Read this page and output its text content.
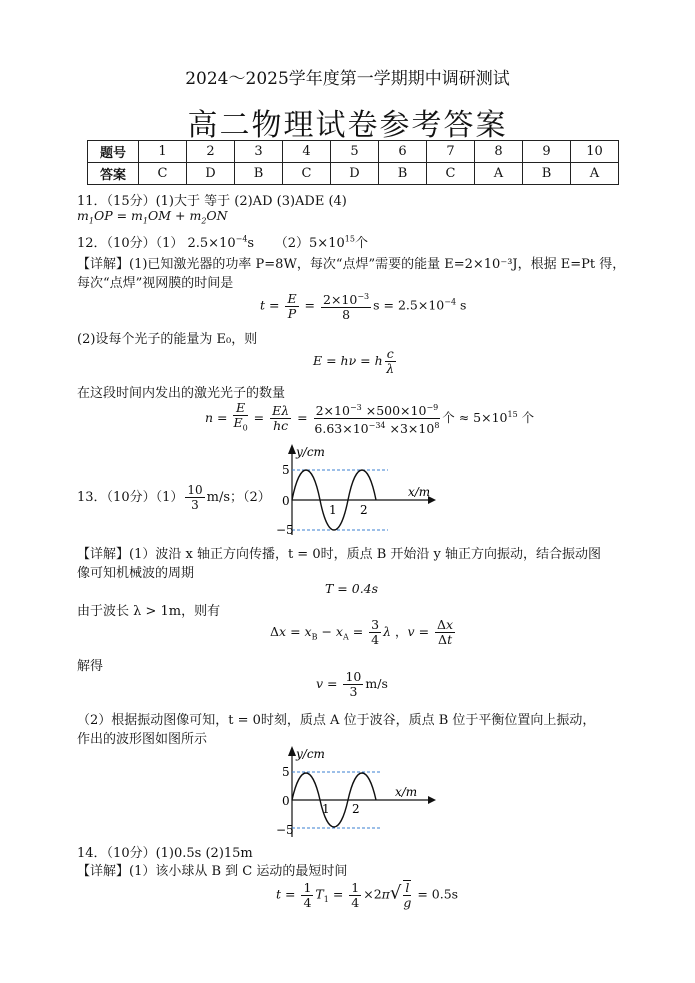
2024～2025学年度第一学期期中调研测试
高二物理试卷参考答案
题号	1	2	3	4	5	6	7	8	9	10
答案	C	D	B	C	D	B	C	A	B	A
11．（15分）(1)大于 等于 (2)AD (3)ADE (4)
$m_1OP = m_1OM + m_2ON$
12．（10分）（1） $2.5\times 10^{-4}s$ $(2)5\times 10^{15}$个
【详解】(1)已知激光器的功率 P=8W，每次“点焊”需要的能量 E=2×10⁻³J，根据 E=Pt 得，
每次“点焊”视网膜的时间是
$t = \frac{E}{P} = \frac{2\times 10^{-3}}{8}$ $s = 2.5\times 10^{-4}$ s
(2)设每个光子的能量为 E₀，则
E = hν = h $\frac{c}{\lambda}$
在这段时间内发出的激光光子的数量
$n = \frac{E}{E_0} = \frac{E\lambda}{hc} = \frac{2\times 10^{-3} \times 500\times 10^{-9}}{6.63\times 10^{-34} \times 3\times 10^8}$ 个 ≈ $5\times 10^{15}$ 个
13．（10分）$(1) \frac{10}{3} m/s$；（2）
y/cm
x/m
5
0
−5
1 2
【详解】(1）波沿 x 轴正方向传播，t = 0时，质点 B 开始沿 y 轴正方向振动，结合振动图
像可知机械波的周期
T = 0.4s
由于波长 λ > 1m，则有
$\Delta x = x_B - x_A = \frac{3}{4}$ λ ，$v = \frac{\Delta x}{\Delta t}$
解得
$v = \frac{10}{3} m/s$
（2）根据振动图像可知，t = 0时刻，质点 A 位于波谷，质点 B 位于平衡位置向上振动，
作出的波形图如图所示
y/cm
x/m
5
0
−5
1 2
14．（10分）(1)0.5s (2)15m
【详解】(1）该小球从 B 到 C 运动的最短时间
$t = \frac{1}{4} T_1 = \frac{1}{4} \times 2\pi√ \frac{l}{g} = 0.5s$
